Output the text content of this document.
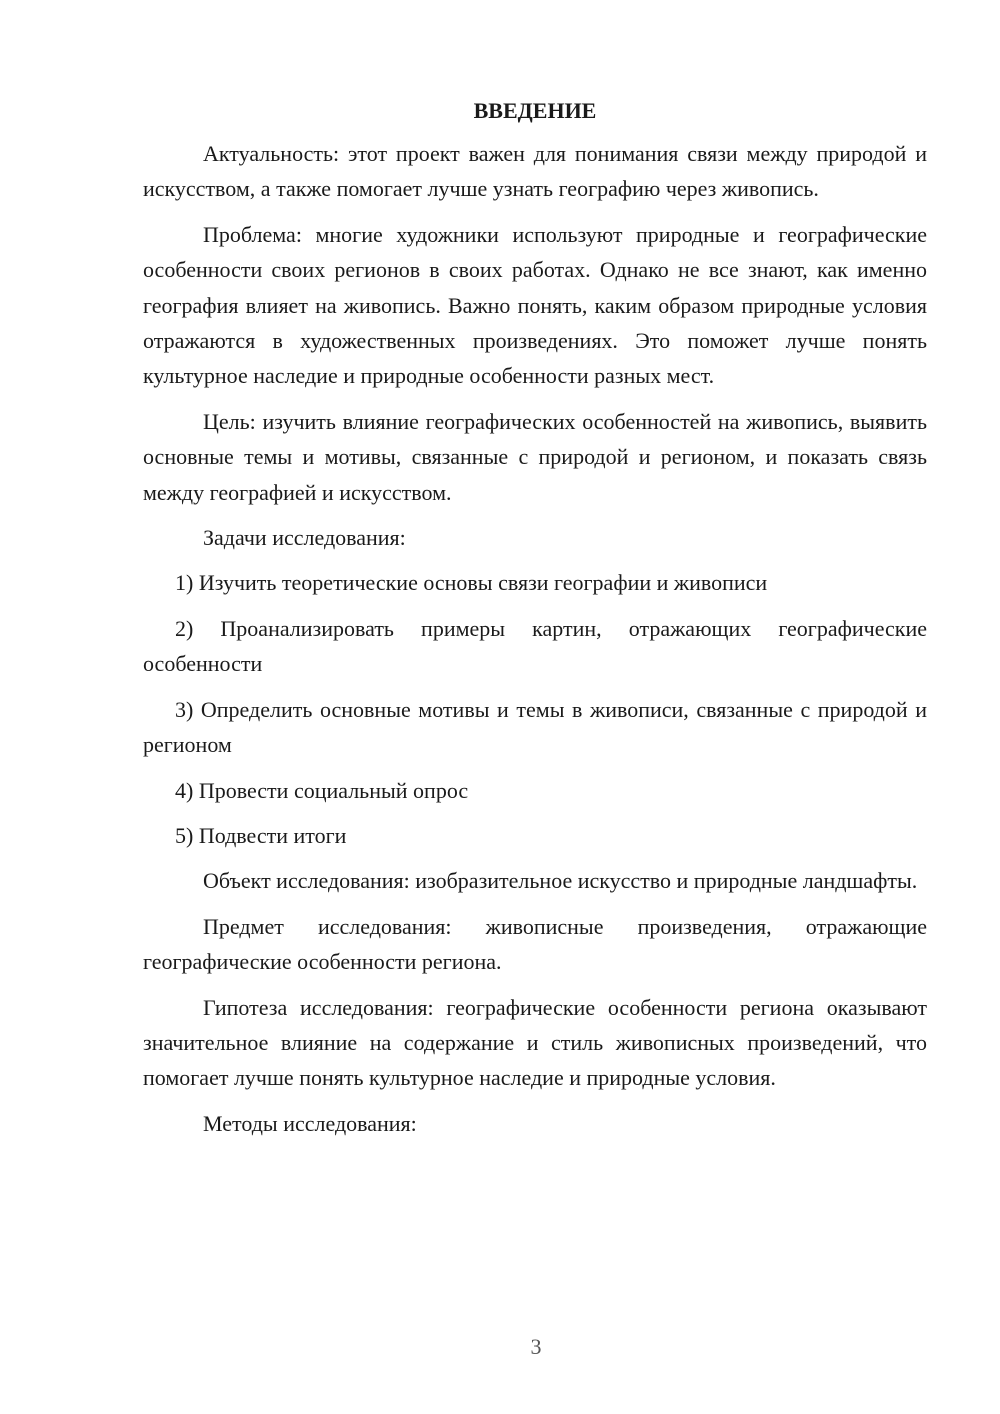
ВВЕДЕНИЕ

Актуальность: этот проект важен для понимания связи между природой и искусством, а также помогает лучше узнать географию через живопись.

Проблема: многие художники используют природные и географические особенности своих регионов в своих работах. Однако не все знают, как именно география влияет на живопись. Важно понять, каким образом природные условия отражаются в художественных произведениях. Это поможет лучше понять культурное наследие и природные особенности разных мест.

Цель: изучить влияние географических особенностей на живопись, выявить основные темы и мотивы, связанные с природой и регионом, и показать связь между географией и искусством.

Задачи исследования:

1) Изучить теоретические основы связи географии и живописи

2) Проанализировать примеры картин, отражающих географические особенности

3) Определить основные мотивы и темы в живописи, связанные с природой и регионом

4) Провести социальный опрос

5) Подвести итоги

Объект исследования: изобразительное искусство и природные ландшафты.

Предмет исследования: живописные произведения, отражающие географические особенности региона.

Гипотеза исследования: географические особенности региона оказывают значительное влияние на содержание и стиль живописных произведений, что помогает лучше понять культурное наследие и природные условия.

Методы исследования:

3
